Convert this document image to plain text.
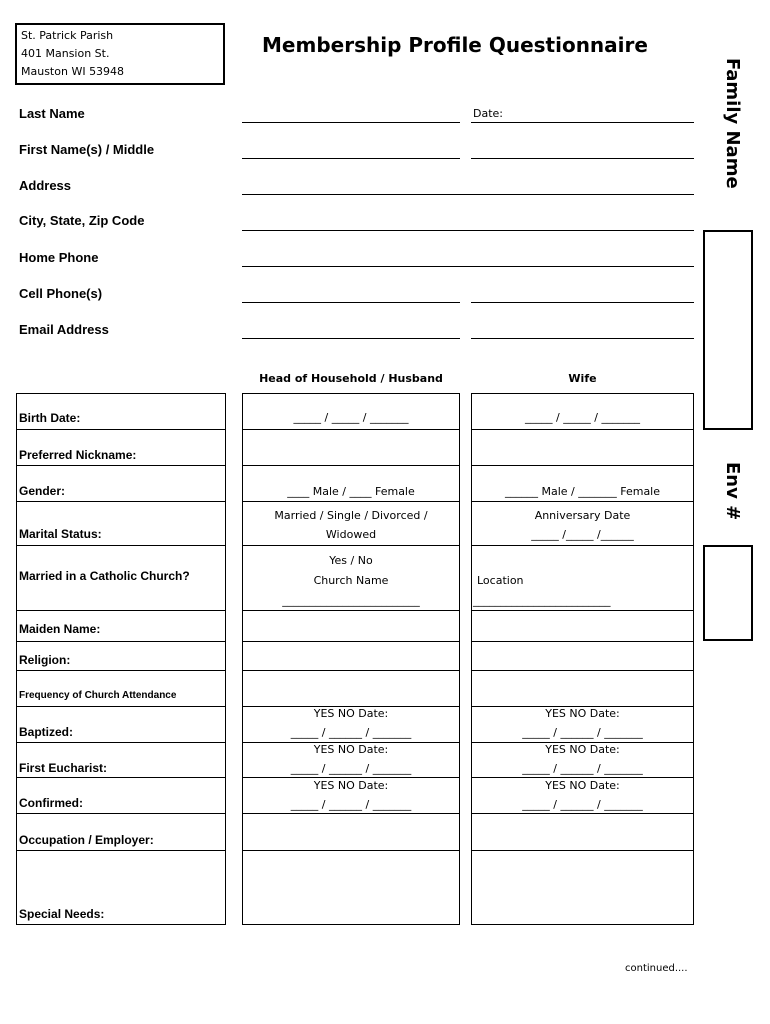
St. Patrick Parish
401 Mansion St.
Mauston WI 53948
Membership Profile Questionnaire
Last Name	Date:
First Name(s) / Middle
Address
City, State, Zip Code
Home Phone
Cell Phone(s)
Email Address
Family Name
Env #
Head of Household / Husband	Wife
Birth Date:
Preferred Nickname:
Gender:
Marital Status:
Married in a Catholic Church?
Maiden Name:
Religion:
Frequency of Church Attendance
Baptized:
First Eucharist:
Confirmed:
Occupation / Employer:
Special Needs:
_____ / _____ / _______
____ Male / ____ Female
Married / Single / Divorced /
Widowed
Yes / No
Church Name
_________________________
YES NO Date:
_____ / ______ / _______
YES NO Date:
_____ / ______ / _______
YES NO Date:
_____ / ______ / _______
_____ / _____ / _______
______ Male / _______ Female
Anniversary Date
_____ /_____ /______
Location
_________________________
YES NO Date:
_____ / ______ / _______
YES NO Date:
_____ / ______ / _______
YES NO Date:
_____ / ______ / _______
continued....
